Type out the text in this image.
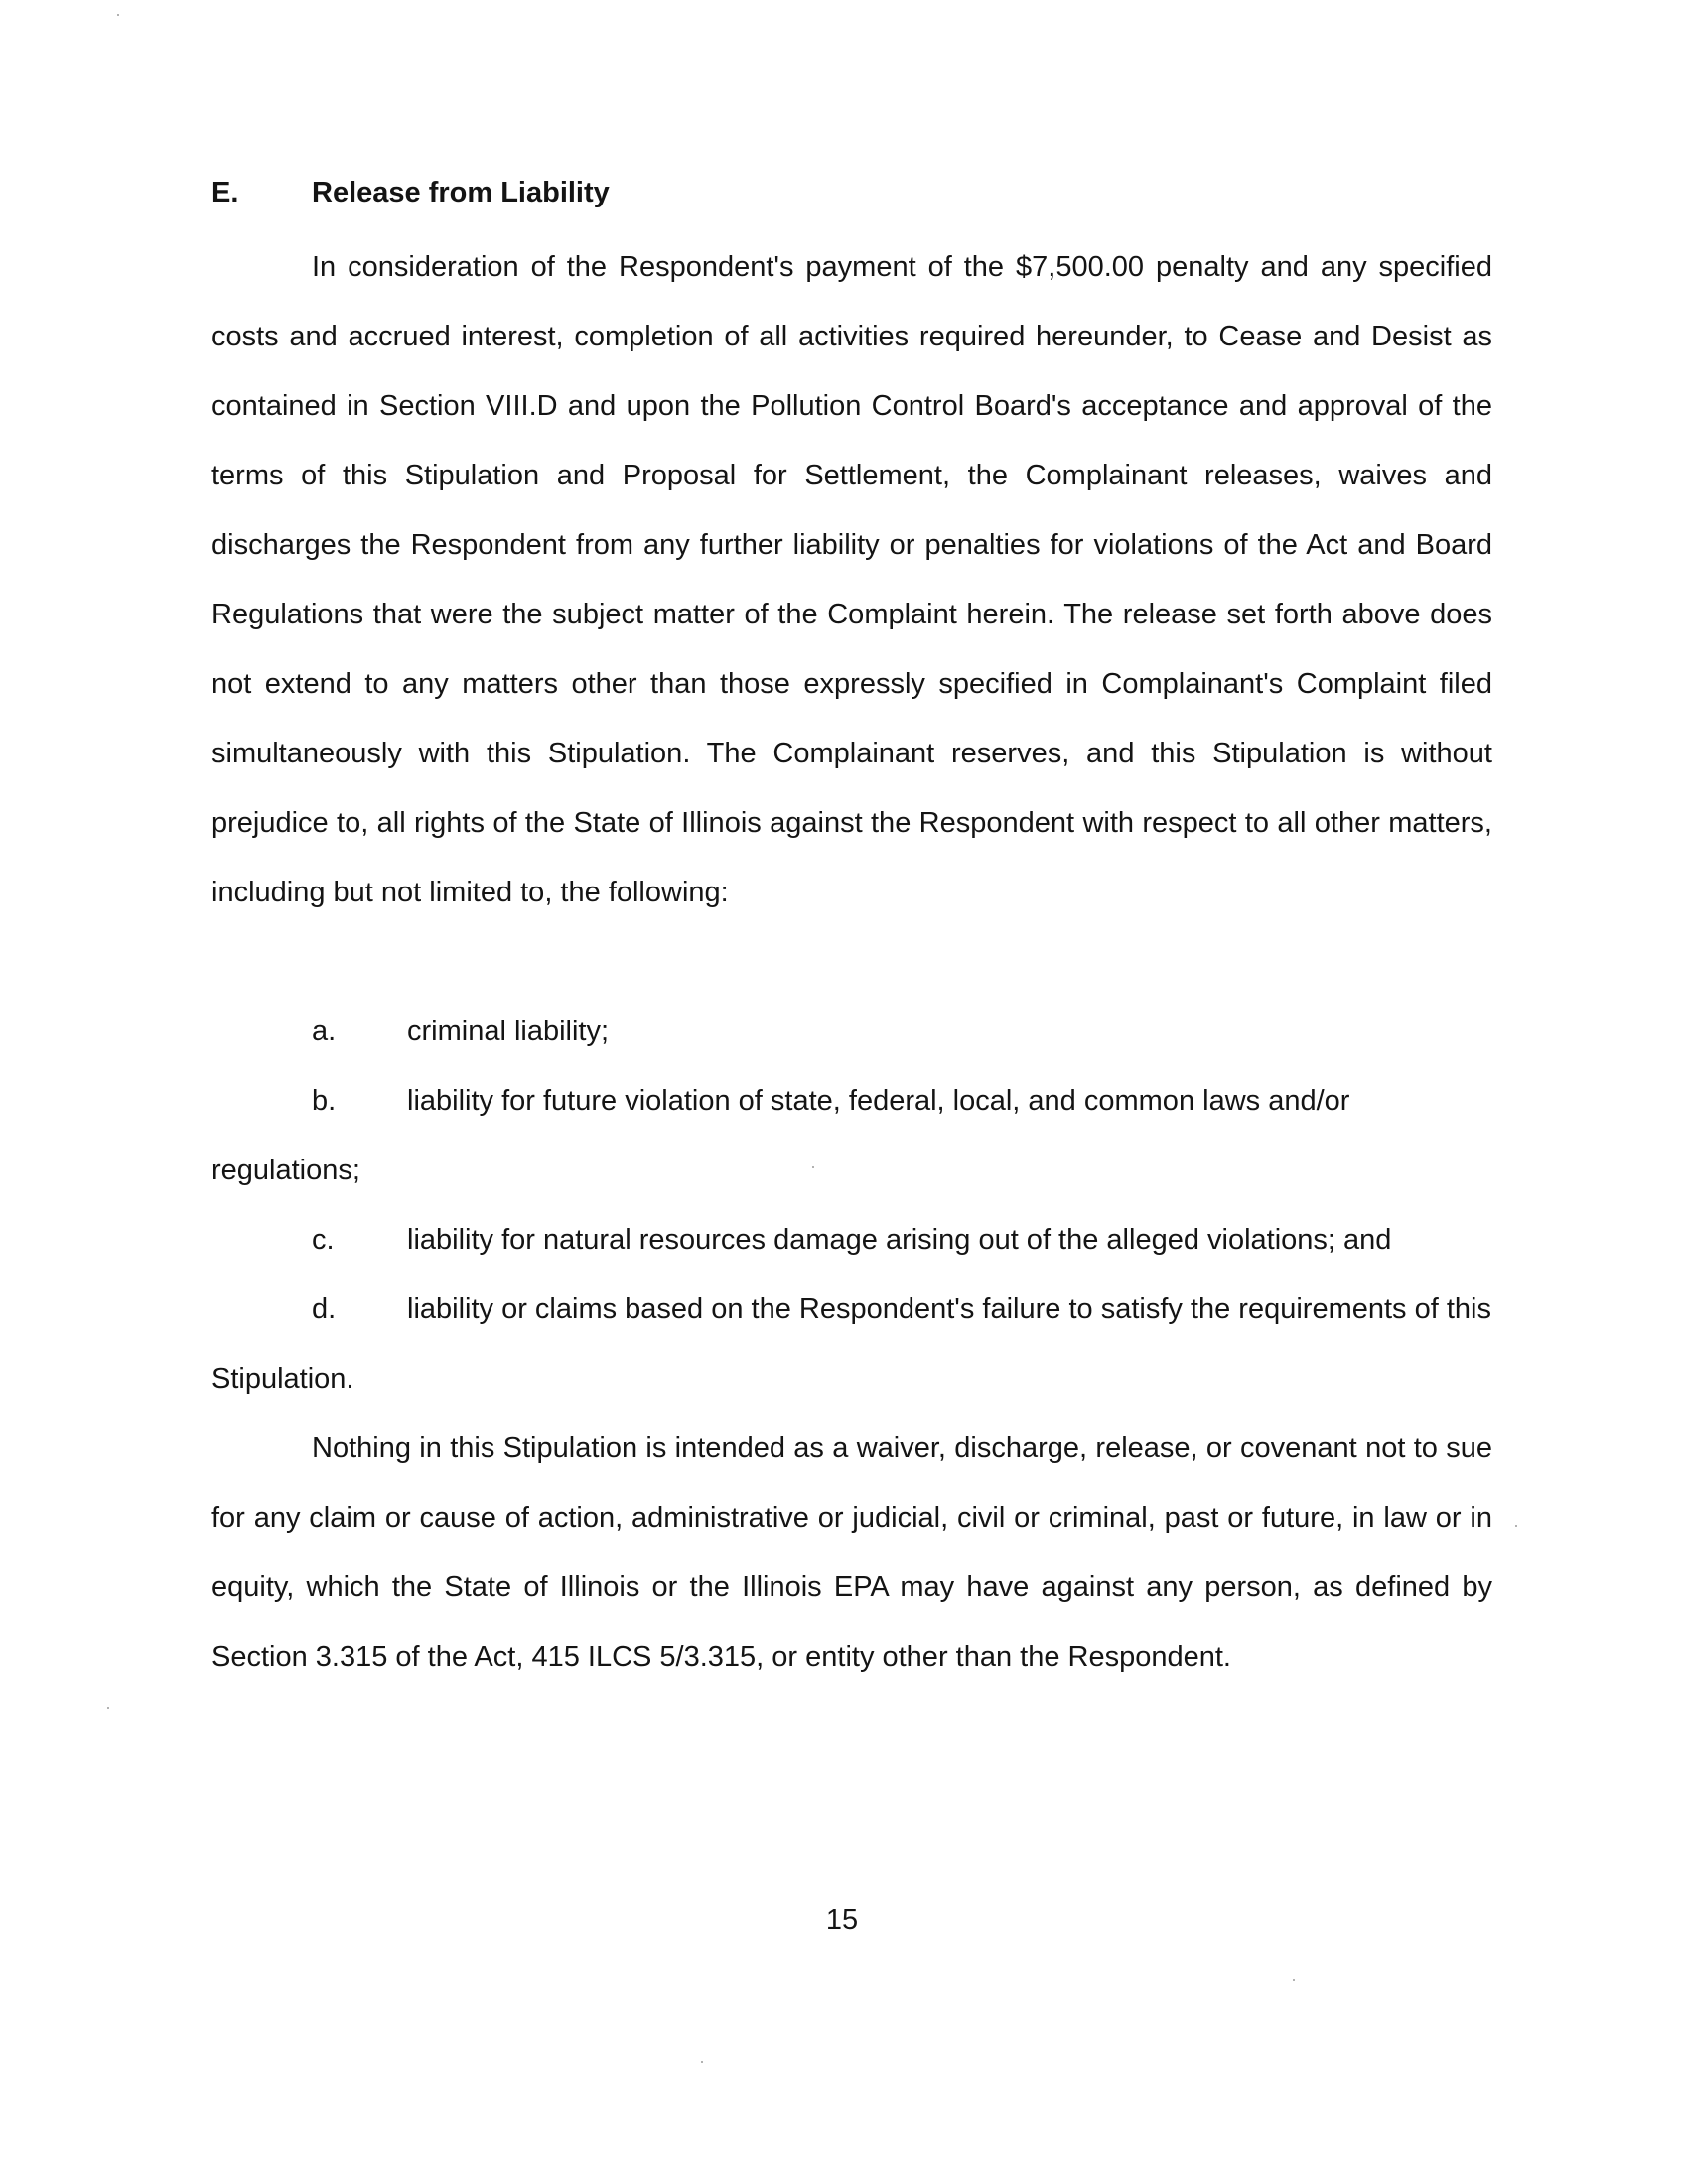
E.	Release from Liability

In consideration of the Respondent's payment of the $7,500.00 penalty and any specified costs and accrued interest, completion of all activities required hereunder, to Cease and Desist as contained in Section VIII.D and upon the Pollution Control Board's acceptance and approval of the terms of this Stipulation and Proposal for Settlement, the Complainant releases, waives and discharges the Respondent from any further liability or penalties for violations of the Act and Board Regulations that were the subject matter of the Complaint herein. The release set forth above does not extend to any matters other than those expressly specified in Complainant's Complaint filed simultaneously with this Stipulation. The Complainant reserves, and this Stipulation is without prejudice to, all rights of the State of Illinois against the Respondent with respect to all other matters, including but not limited to, the following:

a. criminal liability;

b. liability for future violation of state, federal, local, and common laws and/or regulations;

c.	liability for natural resources damage arising out of the alleged violations; and

d. liability or claims based on the Respondent's failure to satisfy the requirements of this Stipulation.

Nothing in this Stipulation is intended as a waiver, discharge, release, or covenant not to sue for any claim or cause of action, administrative or judicial, civil or criminal, past or future, in law or in equity, which the State of Illinois or the Illinois EPA may have against any person, as defined by Section 3.315 of the Act, 415 ILCS 5/3.315, or entity other than the Respondent.

15
